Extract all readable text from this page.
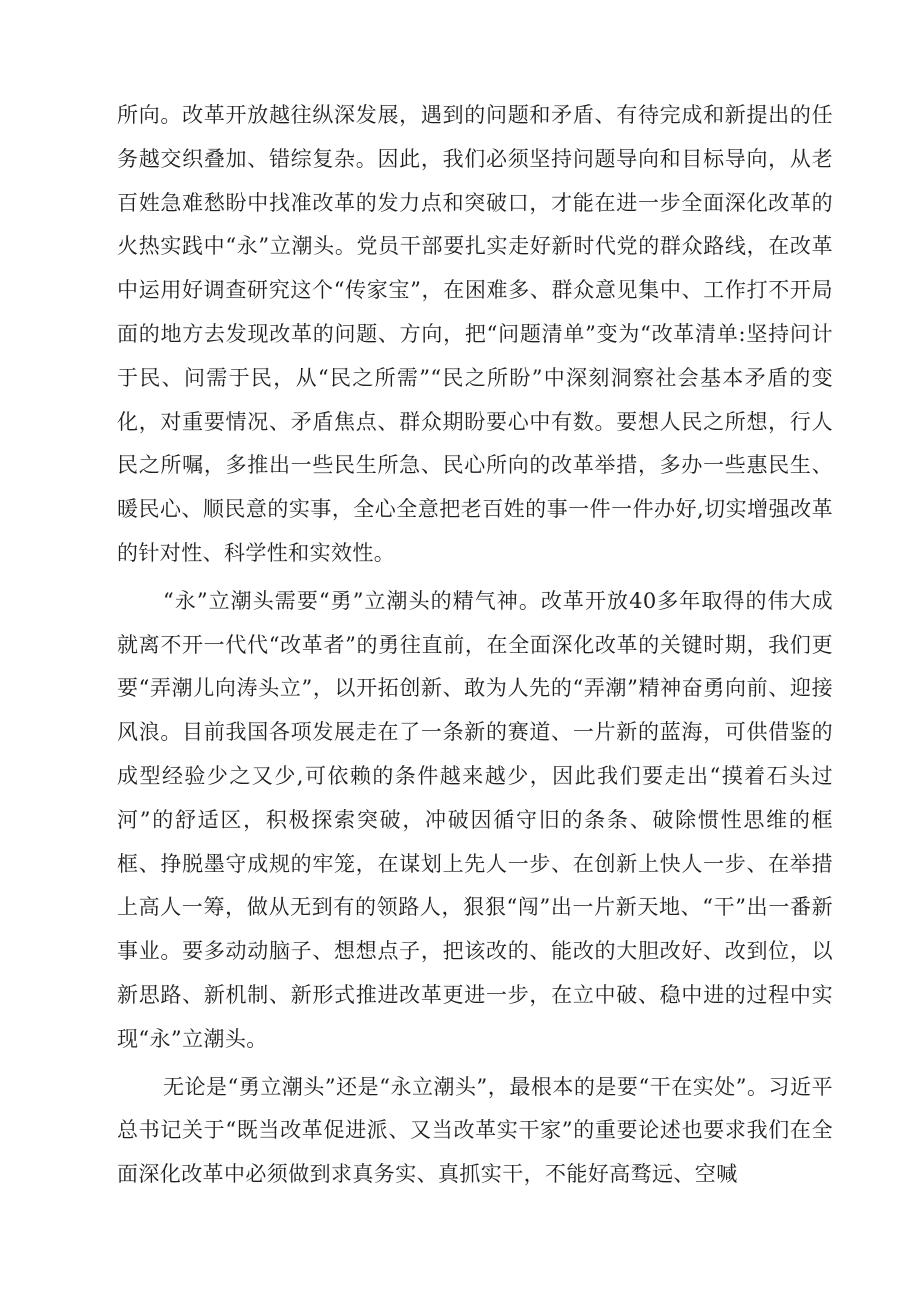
所向。改革开放越往纵深发展，遇到的问题和矛盾、有待完成和新提出的任务越交织叠加、错综复杂。因此，我们必须坚持问题导向和目标导向，从老百姓急难愁盼中找准改革的发力点和突破口，才能在进一步全面深化改革的火热实践中“永”立潮头。党员干部要扎实走好新时代党的群众路线，在改革中运用好调查研究这个“传家宝”，在困难多、群众意见集中、工作打不开局面的地方去发现改革的问题、方向，把“问题清单”变为“改革清单:坚持问计于民、问需于民，从“民之所需”“民之所盼”中深刻洞察社会基本矛盾的变化，对重要情况、矛盾焦点、群众期盼要心中有数。要想人民之所想，行人民之所嘱，多推出一些民生所急、民心所向的改革举措，多办一些惠民生、暖民心、顺民意的实事，全心全意把老百姓的事一件一件办好,切实增强改革的针对性、科学性和实效性。

“永”立潮头需要“勇”立潮头的精气神。改革开放40多年取得的伟大成就离不开一代代“改革者”的勇往直前，在全面深化改革的关键时期，我们更要“弄潮儿向涛头立”，以开拓创新、敢为人先的“弄潮”精神奋勇向前、迎接风浪。目前我国各项发展走在了一条新的赛道、一片新的蓝海，可供借鉴的成型经验少之又少,可依赖的条件越来越少，因此我们要走出“摸着石头过河”的舒适区，积极探索突破，冲破因循守旧的条条、破除惯性思维的框框、挣脱墨守成规的牢笼，在谋划上先人一步、在创新上快人一步、在举措上高人一筹，做从无到有的领路人，狠狠“闯”出一片新天地、“干”出一番新事业。要多动动脑子、想想点子，把该改的、能改的大胆改好、改到位，以新思路、新机制、新形式推进改革更进一步，在立中破、稳中进的过程中实现“永”立潮头。

无论是“勇立潮头”还是“永立潮头”，最根本的是要“干在实处”。习近平总书记关于“既当改革促进派、又当改革实干家”的重要论述也要求我们在全面深化改革中必须做到求真务实、真抓实干，不能好高骛远、空喊
